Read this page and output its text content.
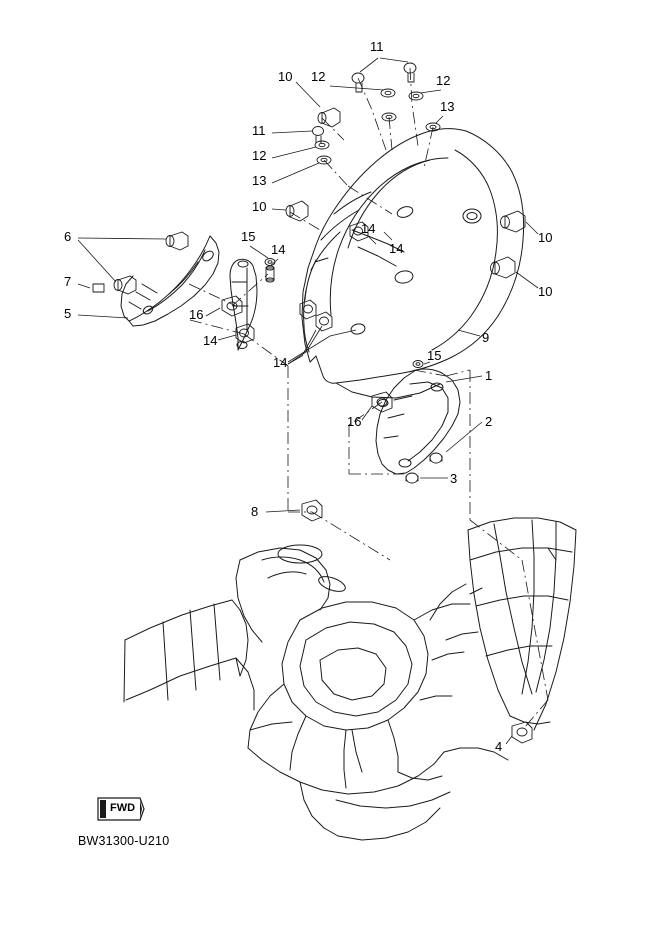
11
10 12	12
13
11
12
13
10
10
10
6
7
5
15
14
14
14
16
14
14
9
15
1
2
16
3
8
4
FWD
BW31300-U210
